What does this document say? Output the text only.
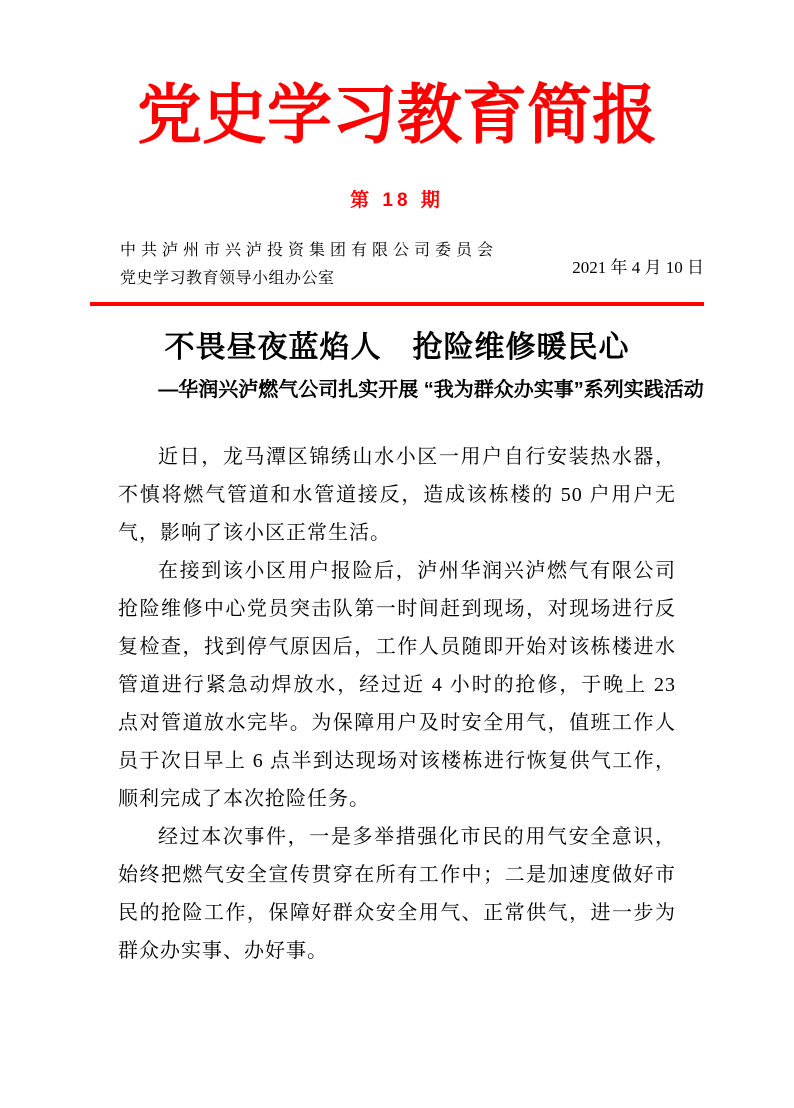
党史学习教育简报
第 18 期
中共泸州市兴泸投资集团有限公司委员会
党史学习教育领导小组办公室
2021 年 4 月 10 日
不畏昼夜蓝焰人　抢险维修暖民心
—华润兴泸燃气公司扎实开展 “我为群众办实事”系列实践活动

近日，龙马潭区锦绣山水小区一用户自行安装热水器，不慎将燃气管道和水管道接反，造成该栋楼的 50 户用户无气，影响了该小区正常生活。

在接到该小区用户报险后，泸州华润兴泸燃气有限公司抢险维修中心党员突击队第一时间赶到现场，对现场进行反复检查，找到停气原因后，工作人员随即开始对该栋楼进水管道进行紧急动焊放水，经过近 4 小时的抢修，于晚上 23 点对管道放水完毕。为保障用户及时安全用气，值班工作人员于次日早上 6 点半到达现场对该楼栋进行恢复供气工作，顺利完成了本次抢险任务。

经过本次事件，一是多举措强化市民的用气安全意识，始终把燃气安全宣传贯穿在所有工作中；二是加速度做好市民的抢险工作，保障好群众安全用气、正常供气，进一步为群众办实事、办好事。
